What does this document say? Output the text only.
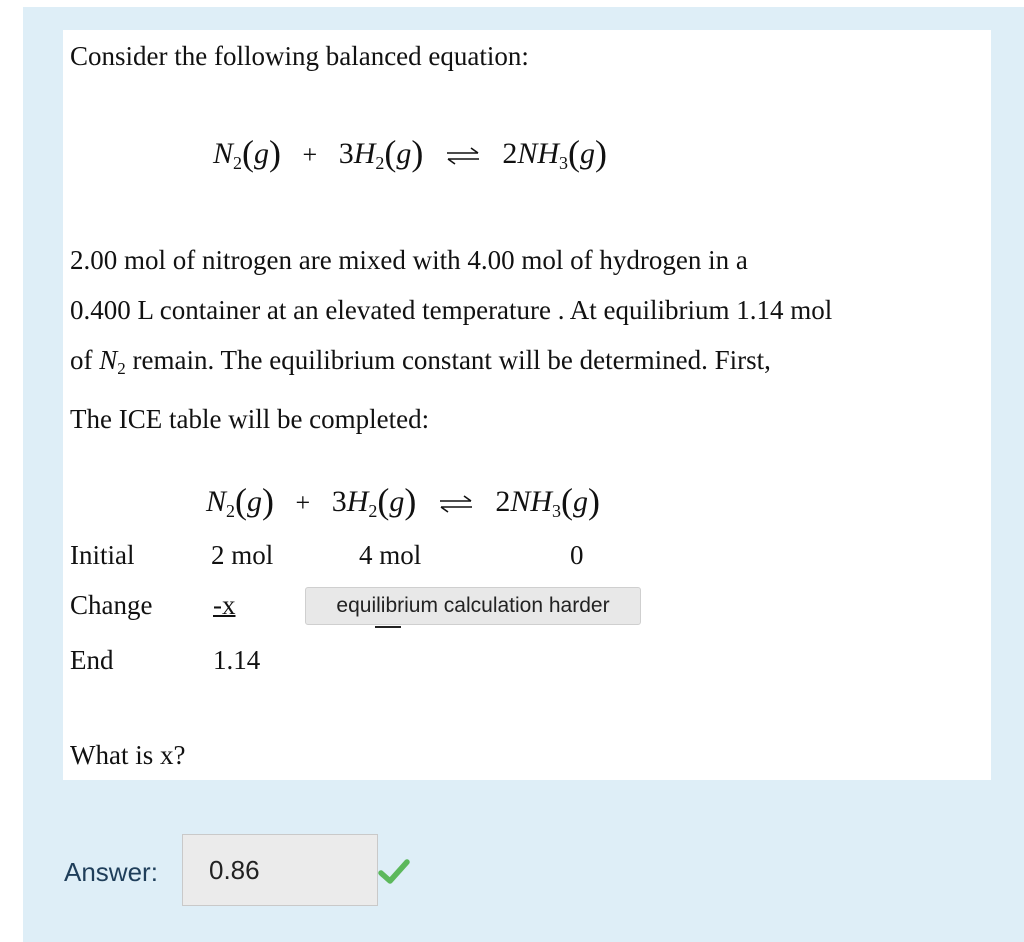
Consider the following balanced equation:
$N_2(g) + 3H_2(g)$ ⇌ $2NH_3(g)$
2.00 mol of nitrogen are mixed with 4.00 mol of hydrogen in a
0.400 L container at an elevated temperature . At equilibrium 1.14 mol
of $N_2$ remain. The equilibrium constant will be determined. First,
The ICE table will be completed:
$N_2(g) + 3H_2(g)$ ⇌ $2NH_3(g)$
Initial	2 mol	4 mol	0
Change -x
End	1.14
What is x?
equilibrium calculation harder
Answer:
0.86
